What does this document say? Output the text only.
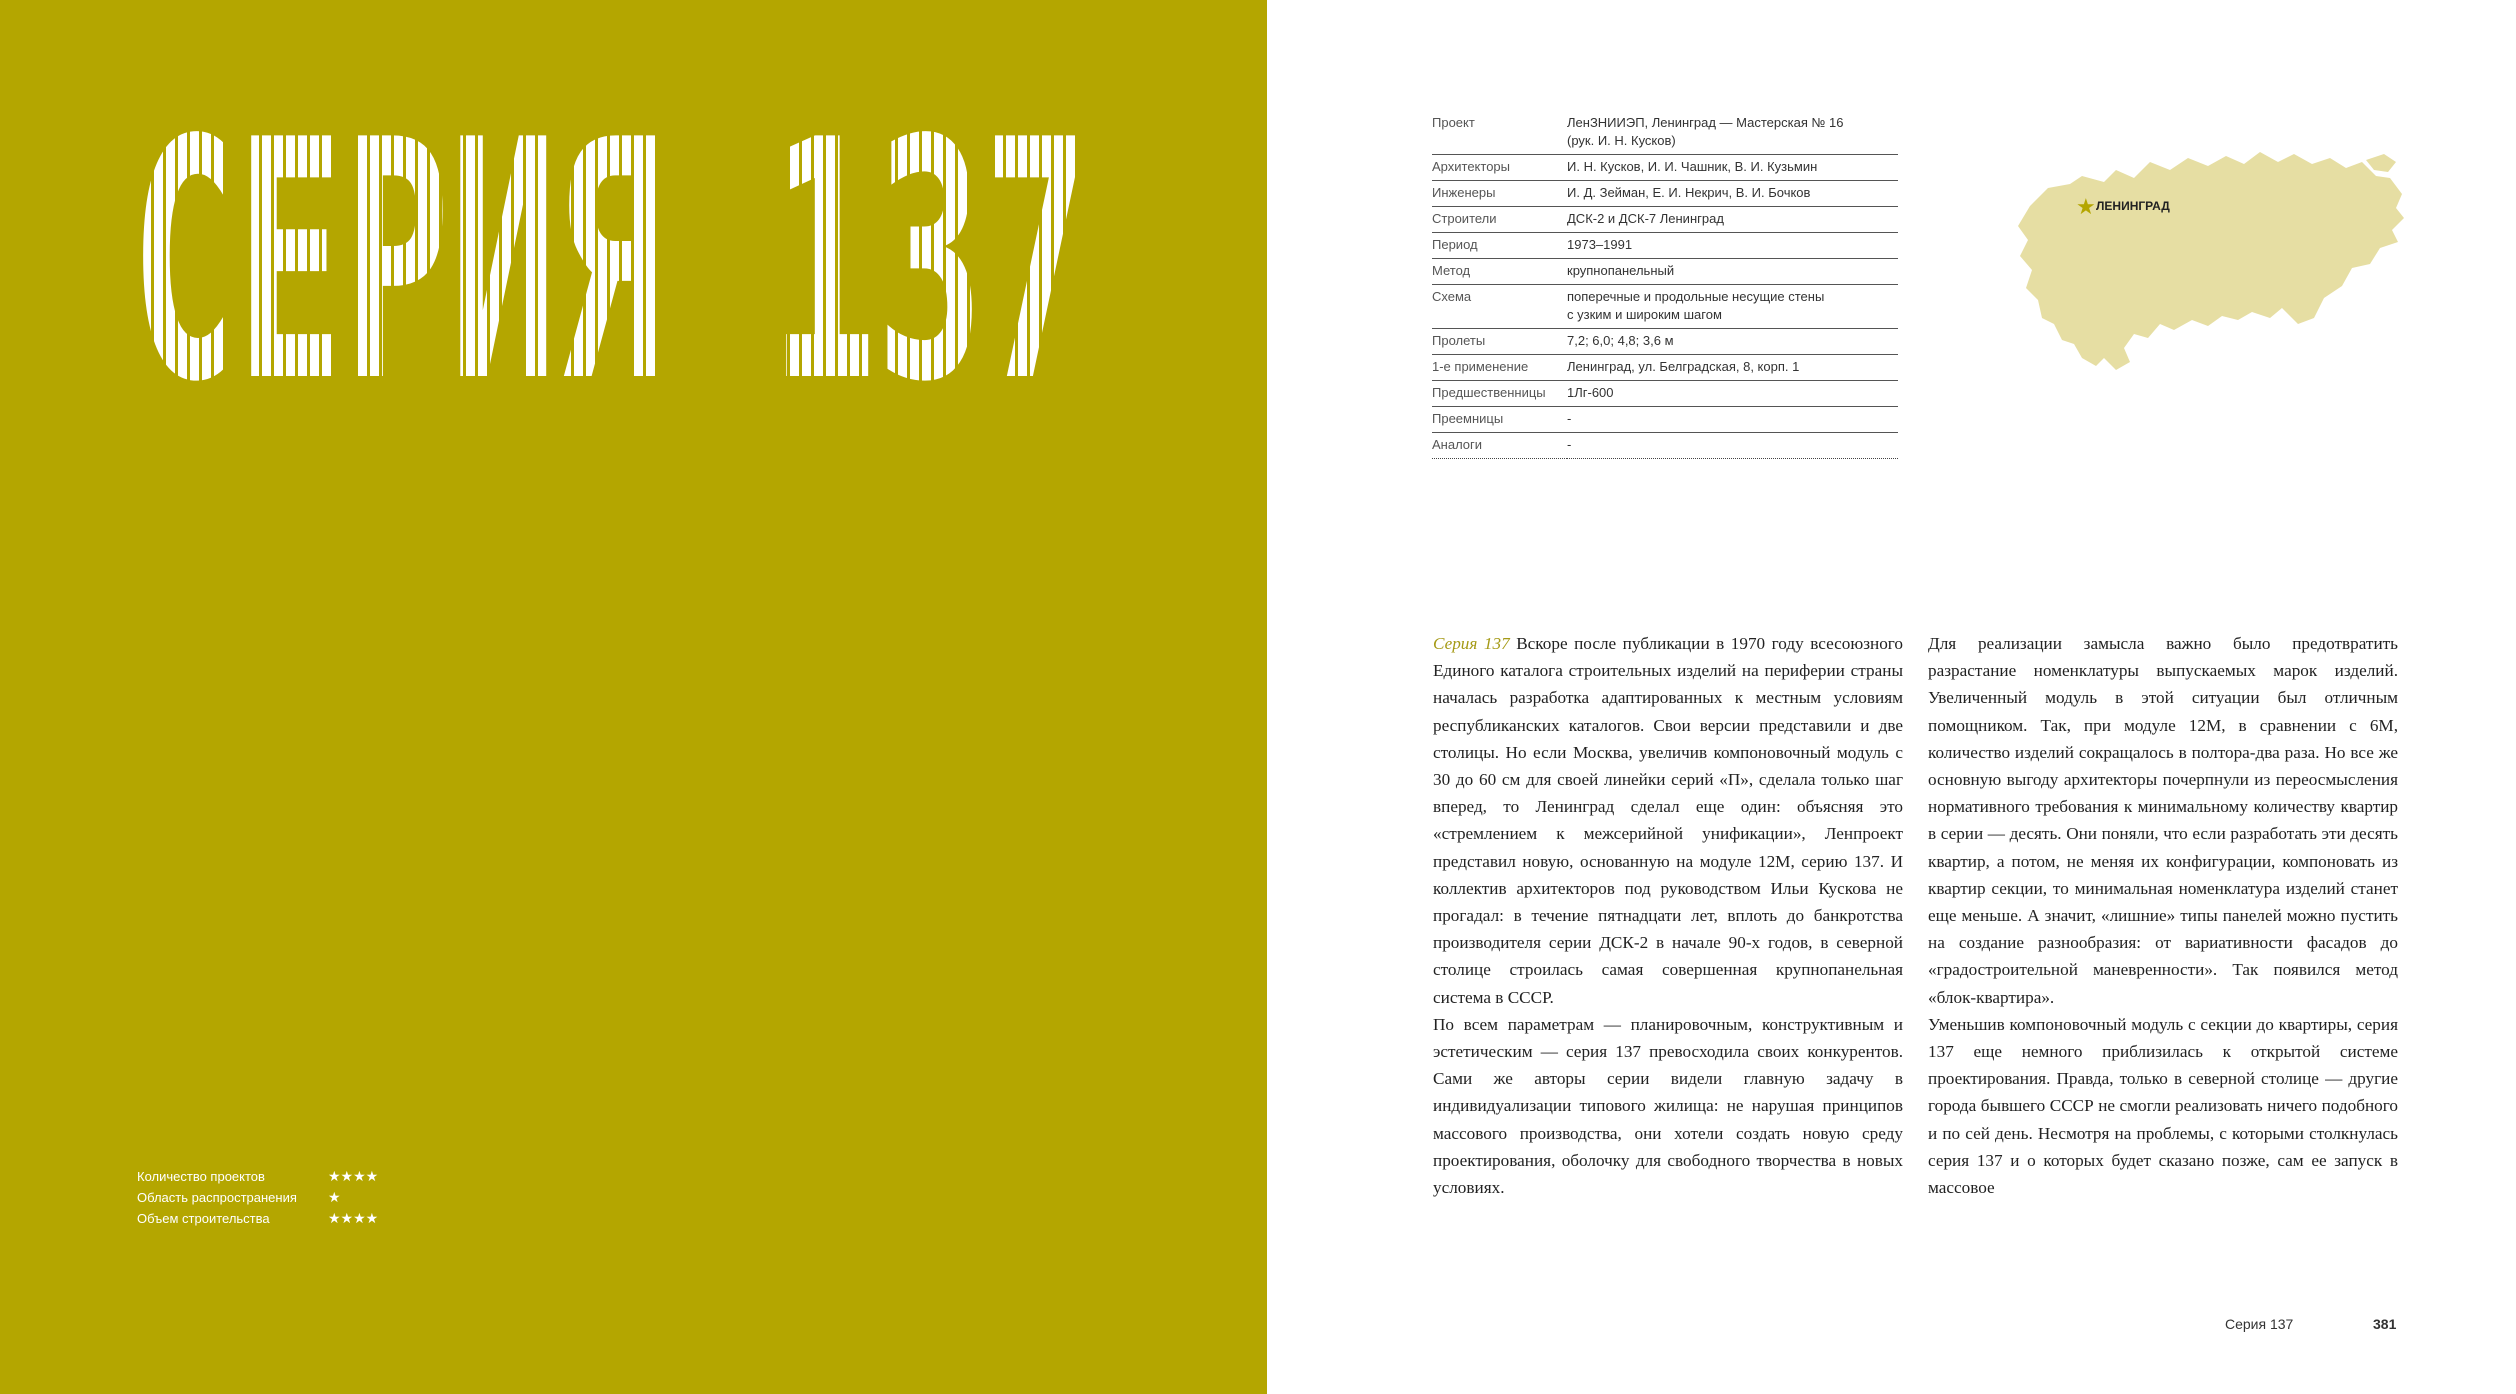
СЕРИЯ 137
Количество проектов	★★★★
Область распространения	★
Объем строительства	★★★★
Проект	ЛенЗНИИЭП, Ленинград — Мастерская № 16
(рук. И. Н. Кусков)
Архитекторы	И. Н. Кусков, И. И. Чашник, В. И. Кузьмин
Инженеры	И. Д. Зейман, Е. И. Некрич, В. И. Бочков
Строители	ДСК-2 и ДСК-7 Ленинград
Период	1973–1991
Метод	крупнопанельный
Схема	поперечные и продольные несущие стены
с узким и широким шагом
Пролеты	7,2; 6,0; 4,8; 3,6 м
1-е применение	Ленинград, ул. Белградская, 8, корп. 1
Предшественницы	1Лг-600
Преемницы	-
Аналоги	-
★ ЛЕНИНГРАД

Серия 137 Вскоре после публикации в 1970 году всесоюзного Единого каталога строительных изделий на периферии страны началась разработка адаптированных к местным условиям республиканских каталогов. Свои версии представили и две столицы. Но если Москва, увеличив компоновочный модуль с 30 до 60 см для своей линейки серий «П», сделала только шаг вперед, то Ленинград сделал еще один: объясняя это «стремлением к межсерийной унификации», Ленпроект представил новую, основанную на модуле 12М, серию 137. И коллектив архитекторов под руководством Ильи Кускова не прогадал: в течение пятнадцати лет, вплоть до банкротства производителя серии ДСК-2 в начале 90-х годов, в северной столице строилась самая совершенная крупнопанельная система в СССР.

По всем параметрам — планировочным, конструктивным и эстетическим — серия 137 превосходила своих конкурентов. Сами же авторы серии видели главную задачу в индивидуализации типового жилища: не нарушая принципов массового производства, они хотели создать новую среду проектирования, оболочку для свободного творчества в новых условиях.

Для реализации замысла важно было предотвратить разрастание номенклатуры выпускаемых марок изделий. Увеличенный модуль в этой ситуации был отличным помощником. Так, при модуле 12М, в сравнении с 6М, количество изделий сокращалось в полтора-два раза. Но все же основную выгоду архитекторы почерпнули из переосмысления нормативного требования к минимальному количеству квартир в серии — десять. Они поняли, что если разработать эти десять квартир, а потом, не меняя их конфигурации, компоновать из квартир секции, то минимальная номенклатура изделий станет еще меньше. А значит, «лишние» типы панелей можно пустить на создание разнообразия: от вариативности фасадов до «градостроительной маневренности». Так появился метод «блок-квартира».

Уменьшив компоновочный модуль с секции до квартиры, серия 137 еще немного приблизилась к открытой системе проектирования. Правда, только в северной столице — другие города бывшего СССР не смогли реализовать ничего подобного и по сей день. Несмотря на проблемы, с которыми столкнулась серия 137 и о которых будет сказано позже, сам ее запуск в массовое

Серия 137	381
